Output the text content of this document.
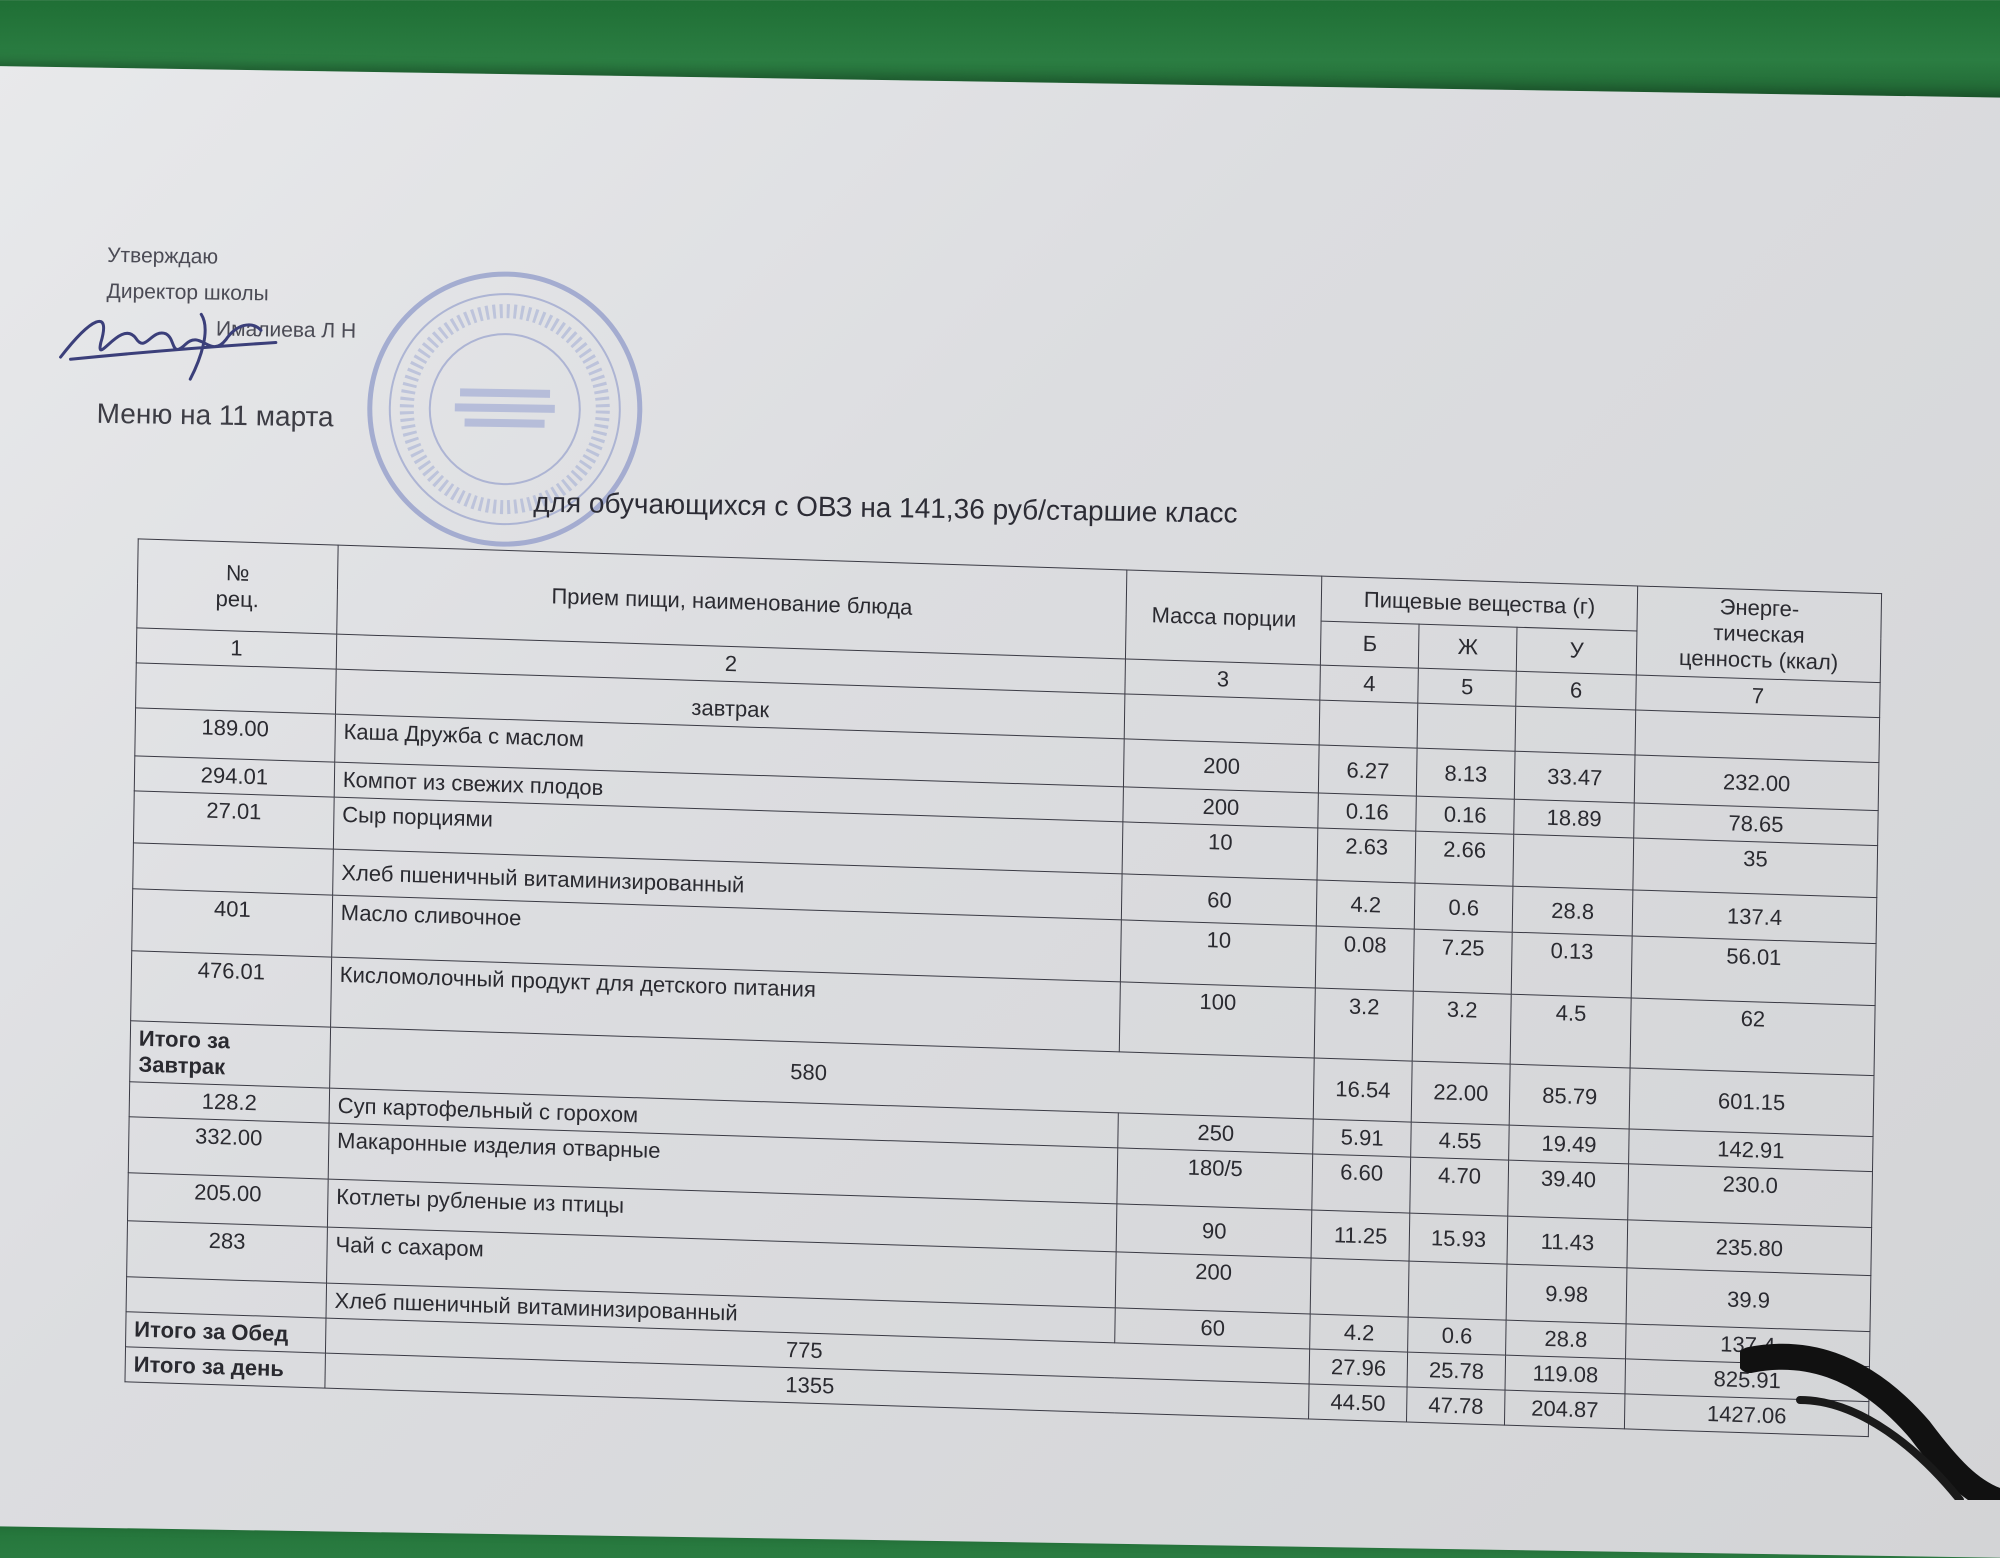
Утверждаю
Директор школы
Ималиева Л Н
Меню на 11 марта
для обучающихся с ОВЗ на 141,36 руб/старшие класс
№
рец.	Прием пищи, наименование блюда	Масса порции	Пищевые вещества (г)			Энерге-
тическая
ценность (ккал)
			Б	Ж	У	
1	2	3	4	5	6	7
	завтрак					
189.00	Каша Дружба с маслом	200	6.27	8.13	33.47	232.00
294.01	Компот из свежих плодов	200	0.16	0.16	18.89	78.65
27.01	Сыр порциями	10	2.63	2.66		35
	Хлеб пшеничный витаминизированный	60	4.2	0.6	28.8	137.4
401	Масло сливочное	10	0.08	7.25	0.13	56.01
476.01	Кисломолочный продукт для детского питания	100	3.2	3.2	4.5	62
Итого за Завтрак	580		16.54	22.00	85.79	601.15
128.2	Суп картофельный с горохом	250	5.91	4.55	19.49	142.91
332.00	Макаронные изделия отварные	180/5	6.60	4.70	39.40	230.0
205.00	Котлеты рубленые из птицы	90	11.25	15.93	11.43	235.80
283	Чай с сахаром	200			9.98	39.9
	Хлеб пшеничный витаминизированный	60	4.2	0.6	28.8	137.4
Итого за Обед	775		27.96	25.78	119.08	825.91
Итого за день	1355		44.50	47.78	204.87	1427.06
